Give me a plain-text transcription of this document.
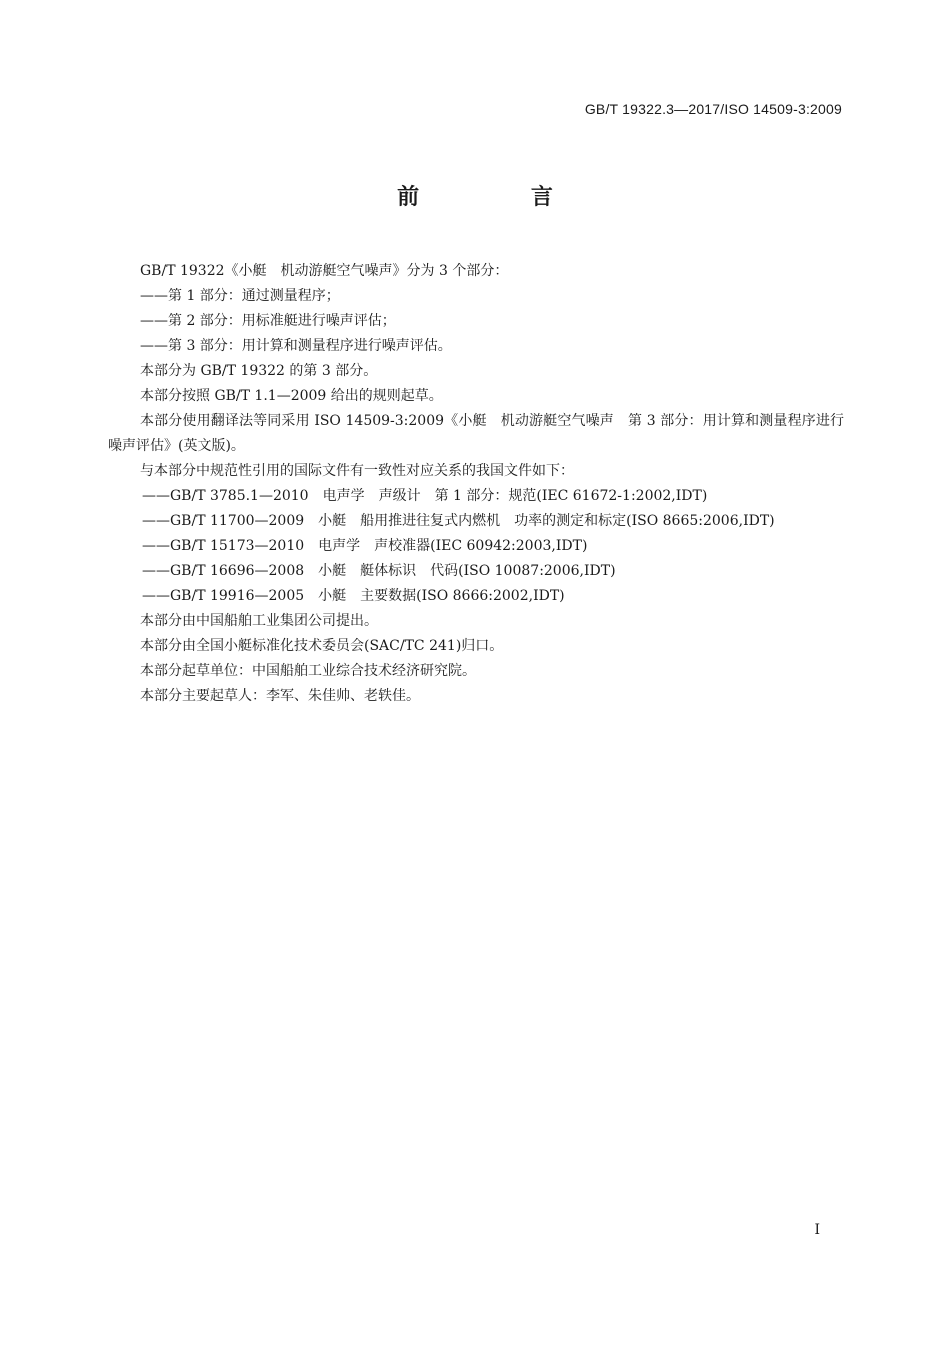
GB/T 19322.3—2017/ISO 14509-3:2009
前 言

GB/T 19322《小艇　机动游艇空气噪声》分为 3 个部分：

——第 1 部分：通过测量程序；

——第 2 部分：用标准艇进行噪声评估；

——第 3 部分：用计算和测量程序进行噪声评估。

本部分为 GB/T 19322 的第 3 部分。

本部分按照 GB/T 1.1—2009 给出的规则起草。

本部分使用翻译法等同采用 ISO 14509-3:2009《小艇　机动游艇空气噪声　第 3 部分：用计算和测量程序进行噪声评估》(英文版)。

与本部分中规范性引用的国际文件有一致性对应关系的我国文件如下：

——GB/T 3785.1—2010　电声学　声级计　第 1 部分：规范(IEC 61672-1:2002,IDT)

——GB/T 11700—2009　小艇　船用推进往复式内燃机　功率的测定和标定(ISO 8665:2006,IDT)

——GB/T 15173—2010　电声学　声校准器(IEC 60942:2003,IDT)

——GB/T 16696—2008　小艇　艇体标识　代码(ISO 10087:2006,IDT)

——GB/T 19916—2005　小艇　主要数据(ISO 8666:2002,IDT)

本部分由中国船舶工业集团公司提出。

本部分由全国小艇标准化技术委员会(SAC/TC 241)归口。

本部分起草单位：中国船舶工业综合技术经济研究院。

本部分主要起草人：李军、朱佳帅、老轶佳。

I
